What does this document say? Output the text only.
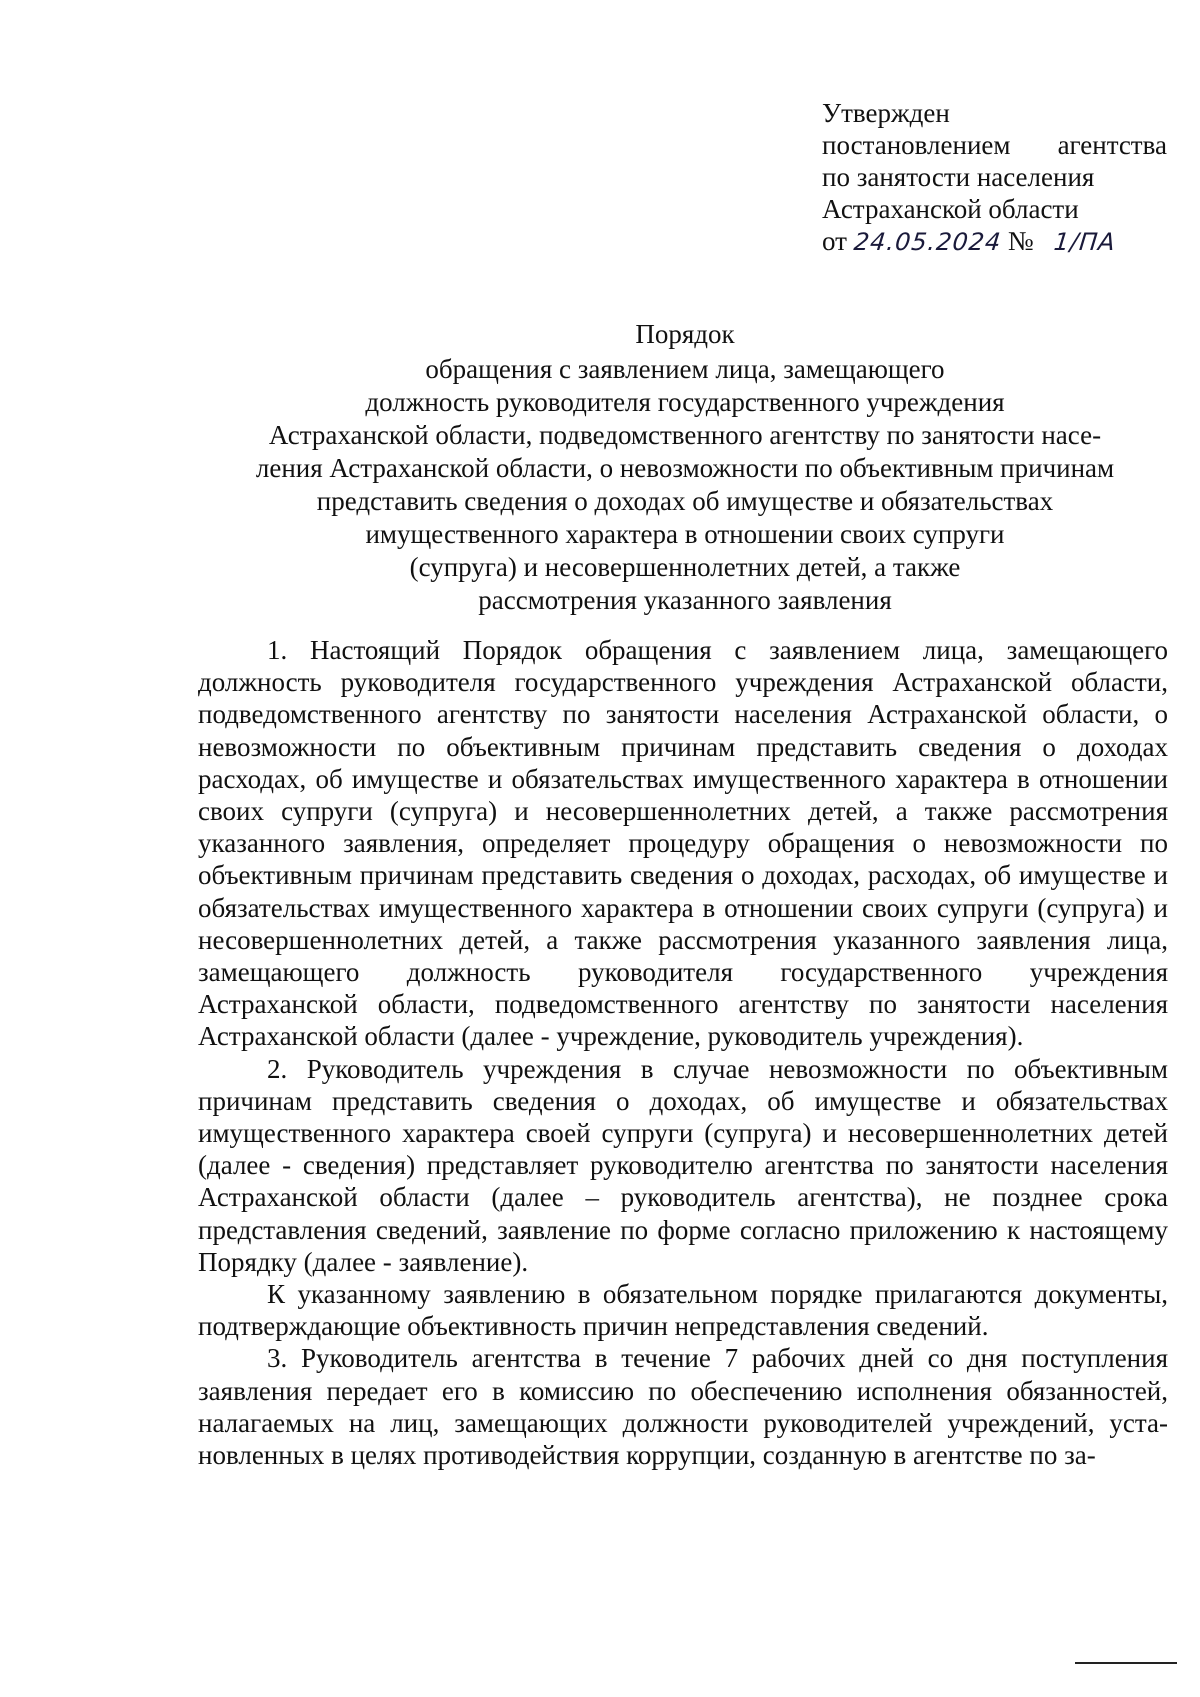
Утвержден
постановлением агентства
по занятости населения
Астраханской области
от 24.05.2024 № 1/ПА
Порядок
обращения с заявлением лица, замещающего
должность руководителя государственного учреждения
Астраханской области, подведомственного агентству по занятости насе-
ления Астраханской области, о невозможности по объективным причинам
представить сведения о доходах об имуществе и обязательствах
имущественного характера в отношении своих супруги
(супруга) и несовершеннолетних детей, а также
рассмотрения указанного заявления

1. Настоящий Порядок обращения с заявлением лица, замещающего должность руководителя государственного учреждения Астраханской области, подведомственного агентству по занятости населения Астраханской области, о невозможности по объективным причинам представить сведения о доходах расходах, об имуществе и обязательствах имущественного характера в отношении своих супруги (супруга) и несовершеннолетних детей, а также рассмотрения указанного заявления, определяет процедуру обращения о невозможности по объективным причинам представить сведения о доходах, расходах, об имуществе и обязательствах имущественного характера в отношении своих супруги (супруга) и несовершеннолетних детей, а также рассмотрения указанного заявления лица, замещающего должность руководителя государственного учреждения Астраханской области, подведомственного агентству по занятости населения Астраханской области (далее - учреждение, руководитель учреждения).

2. Руководитель учреждения в случае невозможности по объективным причинам представить сведения о доходах, об имуществе и обязательствах имущественного характера своей супруги (супруга) и несовершеннолетних детей (далее - сведения) представляет руководителю агентства по занятости населения Астраханской области (далее – руководитель агентства), не позднее срока представления сведений, заявление по форме согласно приложению к настоящему Порядку (далее - заявление).

К указанному заявлению в обязательном порядке прилагаются документы, подтверждающие объективность причин непредставления сведений.

3. Руководитель агентства в течение 7 рабочих дней со дня поступления заявления передает его в комиссию по обеспечению исполнения обязанностей, налагаемых на лиц, замещающих должности руководителей учреждений, установленных в целях противодействия коррупции, созданную в агентстве по за-
